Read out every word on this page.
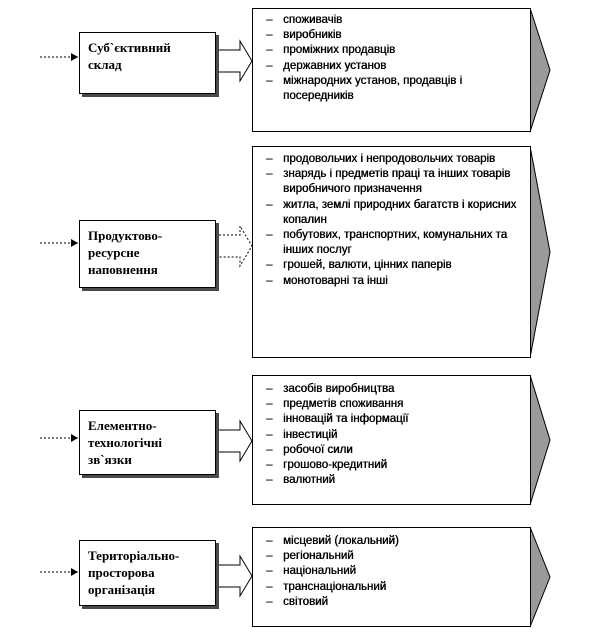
Суб`єктивний склад
– споживачів
– виробників
– проміжних продавців
– державних установ
– міжнародних установ, продавців і посередників
Продуктово-ресурсне наповнення
– продовольчих і непродовольчих товарів
– знарядь і предметів праці та інших товарів виробничого призначення
– житла, землі природних багатств і корисних копалин
– побутових, транспортних, комунальних та інших послуг
– грошей, валюти, цінних паперів
– монотоварні та інші
Елементно-технологічні зв`язки
– засобів виробництва
– предметів споживання
– інновацій та інформації
– інвестицій
– робочої сили
– грошово-кредитний
– валютний
Територіально-просторова організація
– місцевий (локальний)
– регіональний
– національний
– транснаціональний
– світовий
